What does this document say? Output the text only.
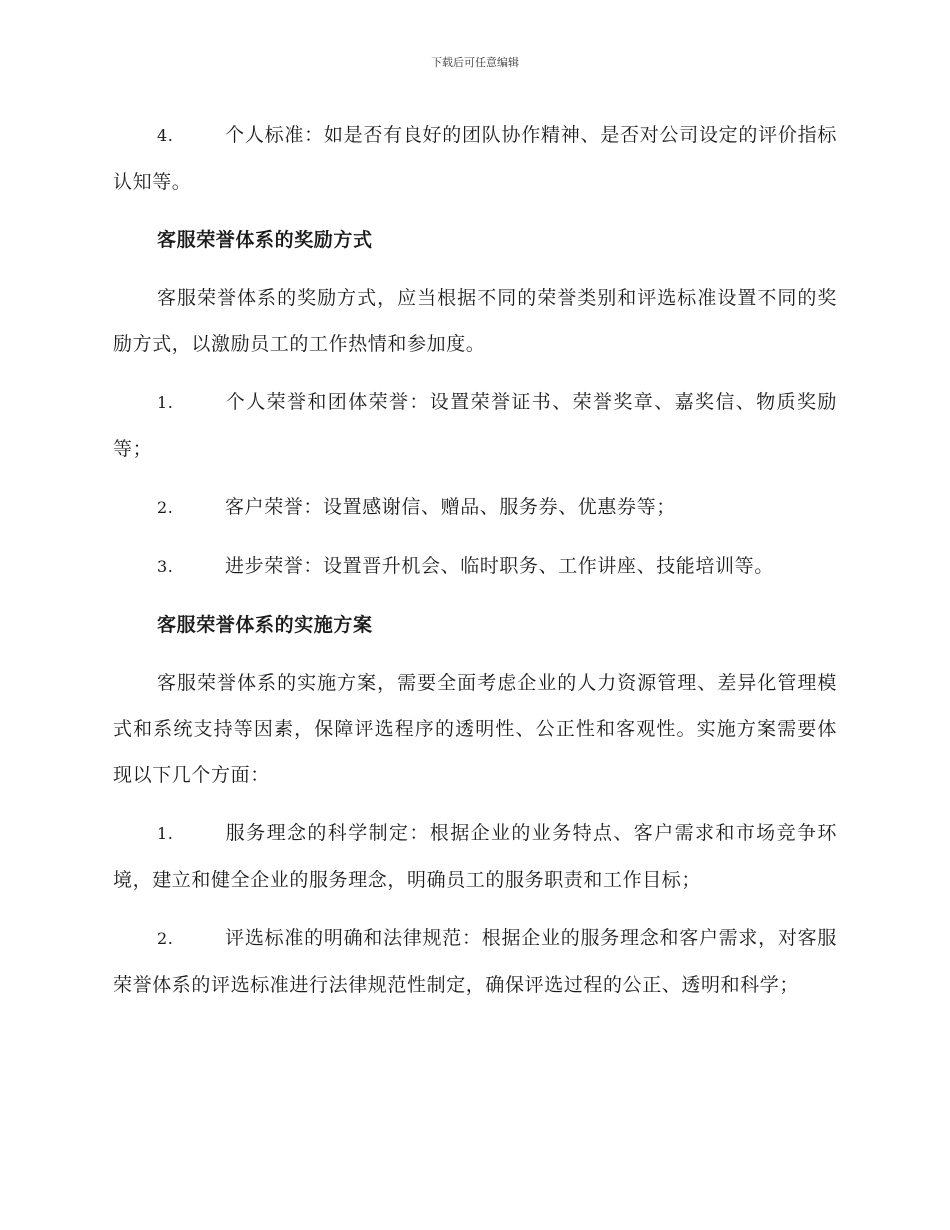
下载后可任意编辑
4.	个人标准：如是否有良好的团队协作精神、是否对公司设定的评价指标认知等。
客服荣誉体系的奖励方式
客服荣誉体系的奖励方式，应当根据不同的荣誉类别和评选标准设置不同的奖励方式，以激励员工的工作热情和参加度。
1.	个人荣誉和团体荣誉：设置荣誉证书、荣誉奖章、嘉奖信、物质奖励等；
2.	客户荣誉：设置感谢信、赠品、服务券、优惠券等；
3.	进步荣誉：设置晋升机会、临时职务、工作讲座、技能培训等。
客服荣誉体系的实施方案
客服荣誉体系的实施方案，需要全面考虑企业的人力资源管理、差异化管理模式和系统支持等因素，保障评选程序的透明性、公正性和客观性。实施方案需要体现以下几个方面：
1.	服务理念的科学制定：根据企业的业务特点、客户需求和市场竞争环境，建立和健全企业的服务理念，明确员工的服务职责和工作目标；
2.	评选标准的明确和法律规范：根据企业的服务理念和客户需求，对客服荣誉体系的评选标准进行法律规范性制定，确保评选过程的公正、透明和科学；
